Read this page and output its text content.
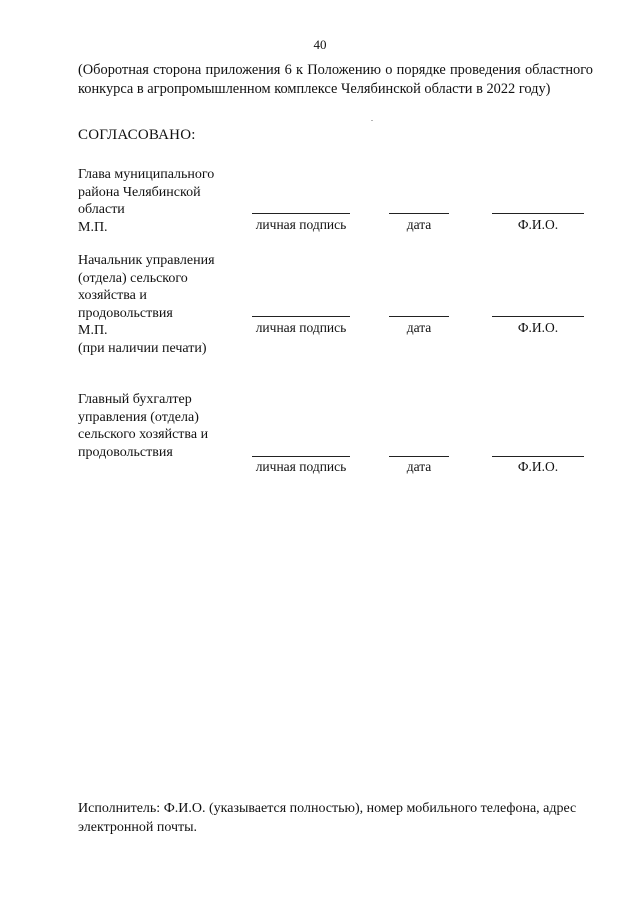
40
(Оборотная сторона приложения 6 к Положению о порядке проведения областного конкурса в агропромышленном комплексе Челябинской области в 2022 году)
СОГЛАСОВАНО:
Глава муниципального
района Челябинской
области
М.П.	личная подпись	дата	Ф.И.О.
Начальник управления
(отдела) сельского
хозяйства и
продовольствия
М.П.
(при наличии печати)
личная подпись	дата	Ф.И.О.
Главный бухгалтер
управления (отдела)
сельского хозяйства и
продовольствия
личная подпись	дата	Ф.И.О.
Исполнитель: Ф.И.О. (указывается полностью), номер мобильного телефона, адрес электронной почты.
